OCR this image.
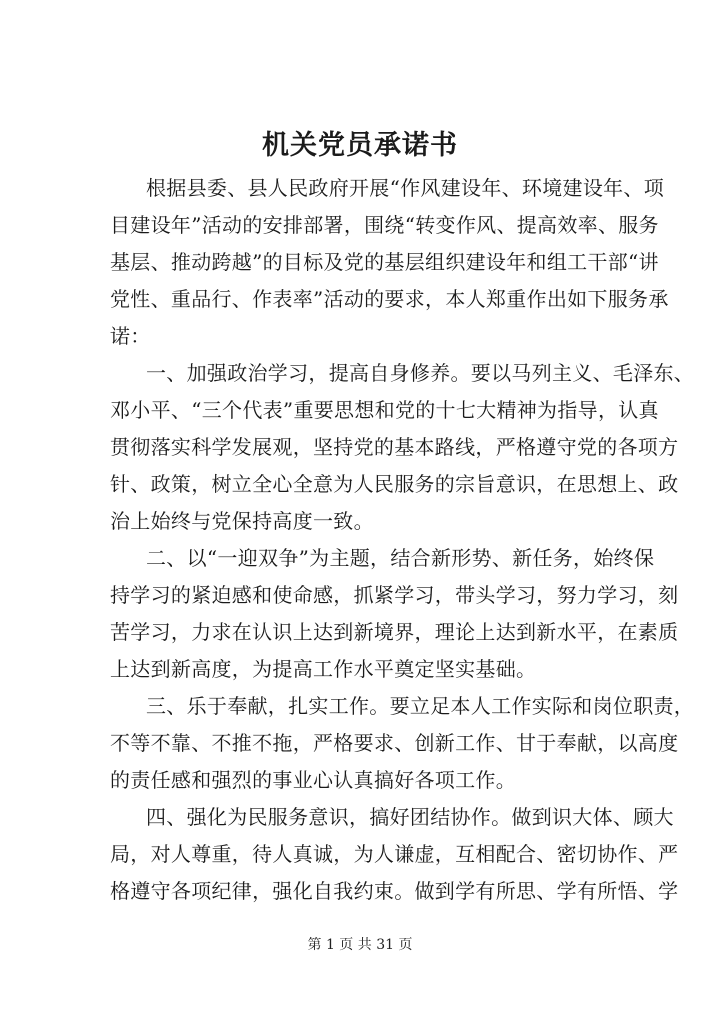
机关党员承诺书
根据县委、县人民政府开展“作风建设年、环境建设年、项
目建设年”活动的安排部署，围绕“转变作风、提高效率、服务
基层、推动跨越”的目标及党的基层组织建设年和组工干部“讲
党性、重品行、作表率”活动的要求，本人郑重作出如下服务承
诺：
一、加强政治学习，提高自身修养。要以马列主义、毛泽东、
邓小平、“三个代表”重要思想和党的十七大精神为指导，认真
贯彻落实科学发展观，坚持党的基本路线，严格遵守党的各项方
针、政策，树立全心全意为人民服务的宗旨意识，在思想上、政
治上始终与党保持高度一致。
二、以“一迎双争”为主题，结合新形势、新任务，始终保
持学习的紧迫感和使命感，抓紧学习，带头学习，努力学习，刻
苦学习，力求在认识上达到新境界，理论上达到新水平，在素质
上达到新高度，为提高工作水平奠定坚实基础。
三、乐于奉献，扎实工作。要立足本人工作实际和岗位职责，
不等不靠、不推不拖，严格要求、创新工作、甘于奉献，以高度
的责任感和强烈的事业心认真搞好各项工作。
四、强化为民服务意识，搞好团结协作。做到识大体、顾大
局，对人尊重，待人真诚，为人谦虚，互相配合、密切协作、严
格遵守各项纪律，强化自我约束。做到学有所思、学有所悟、学
第 1 页 共 31 页
